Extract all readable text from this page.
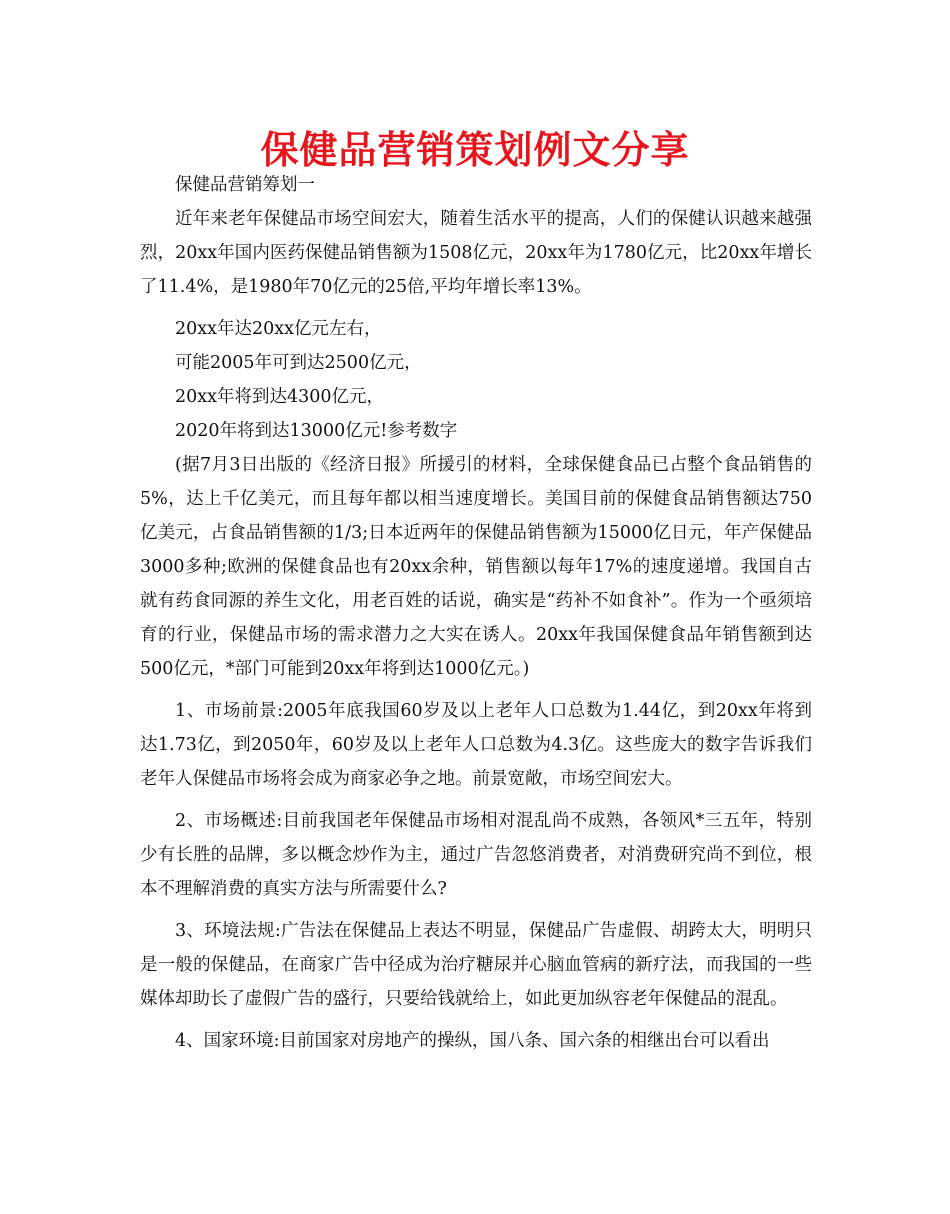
保健品营销策划例文分享

保健品营销筹划一

近年来老年保健品市场空间宏大，随着生活水平的提高，人们的保健认识越来越强烈，20xx年国内医药保健品销售额为1508亿元，20xx年为1780亿元，比20xx年增长了11.4%，是1980年70亿元的25倍,平均年增长率13%。

20xx年达20xx亿元左右，

可能2005年可到达2500亿元，

20xx年将到达4300亿元，

2020年将到达13000亿元!参考数字

(据7月3日出版的《经济日报》所援引的材料，全球保健食品已占整个食品销售的5%，达上千亿美元，而且每年都以相当速度增长。美国目前的保健食品销售额达750亿美元，占食品销售额的1/3;日本近两年的保健品销售额为15000亿日元，年产保健品3000多种;欧洲的保健食品也有20xx余种，销售额以每年17%的速度递增。我国自古就有药食同源的养生文化，用老百姓的话说，确实是“药补不如食补”。作为一个亟须培育的行业，保健品市场的需求潜力之大实在诱人。20xx年我国保健食品年销售额到达500亿元，*部门可能到20xx年将到达1000亿元。)

1、市场前景:2005年底我国60岁及以上老年人口总数为1.44亿，到20xx年将到达1.73亿，到2050年，60岁及以上老年人口总数为4.3亿。这些庞大的数字告诉我们老年人保健品市场将会成为商家必争之地。前景宽敞，市场空间宏大。

2、市场概述:目前我国老年保健品市场相对混乱尚不成熟，各领风*三五年，特别少有长胜的品牌，多以概念炒作为主，通过广告忽悠消费者，对消费研究尚不到位，根本不理解消费的真实方法与所需要什么?

3、环境法规:广告法在保健品上表达不明显，保健品广告虚假、胡跨太大，明明只是一般的保健品，在商家广告中径成为治疗糖尿并心脑血管病的新疗法，而我国的一些媒体却助长了虚假广告的盛行，只要给钱就给上，如此更加纵容老年保健品的混乱。

4、国家环境:目前国家对房地产的操纵，国八条、国六条的相继出台可以看出
